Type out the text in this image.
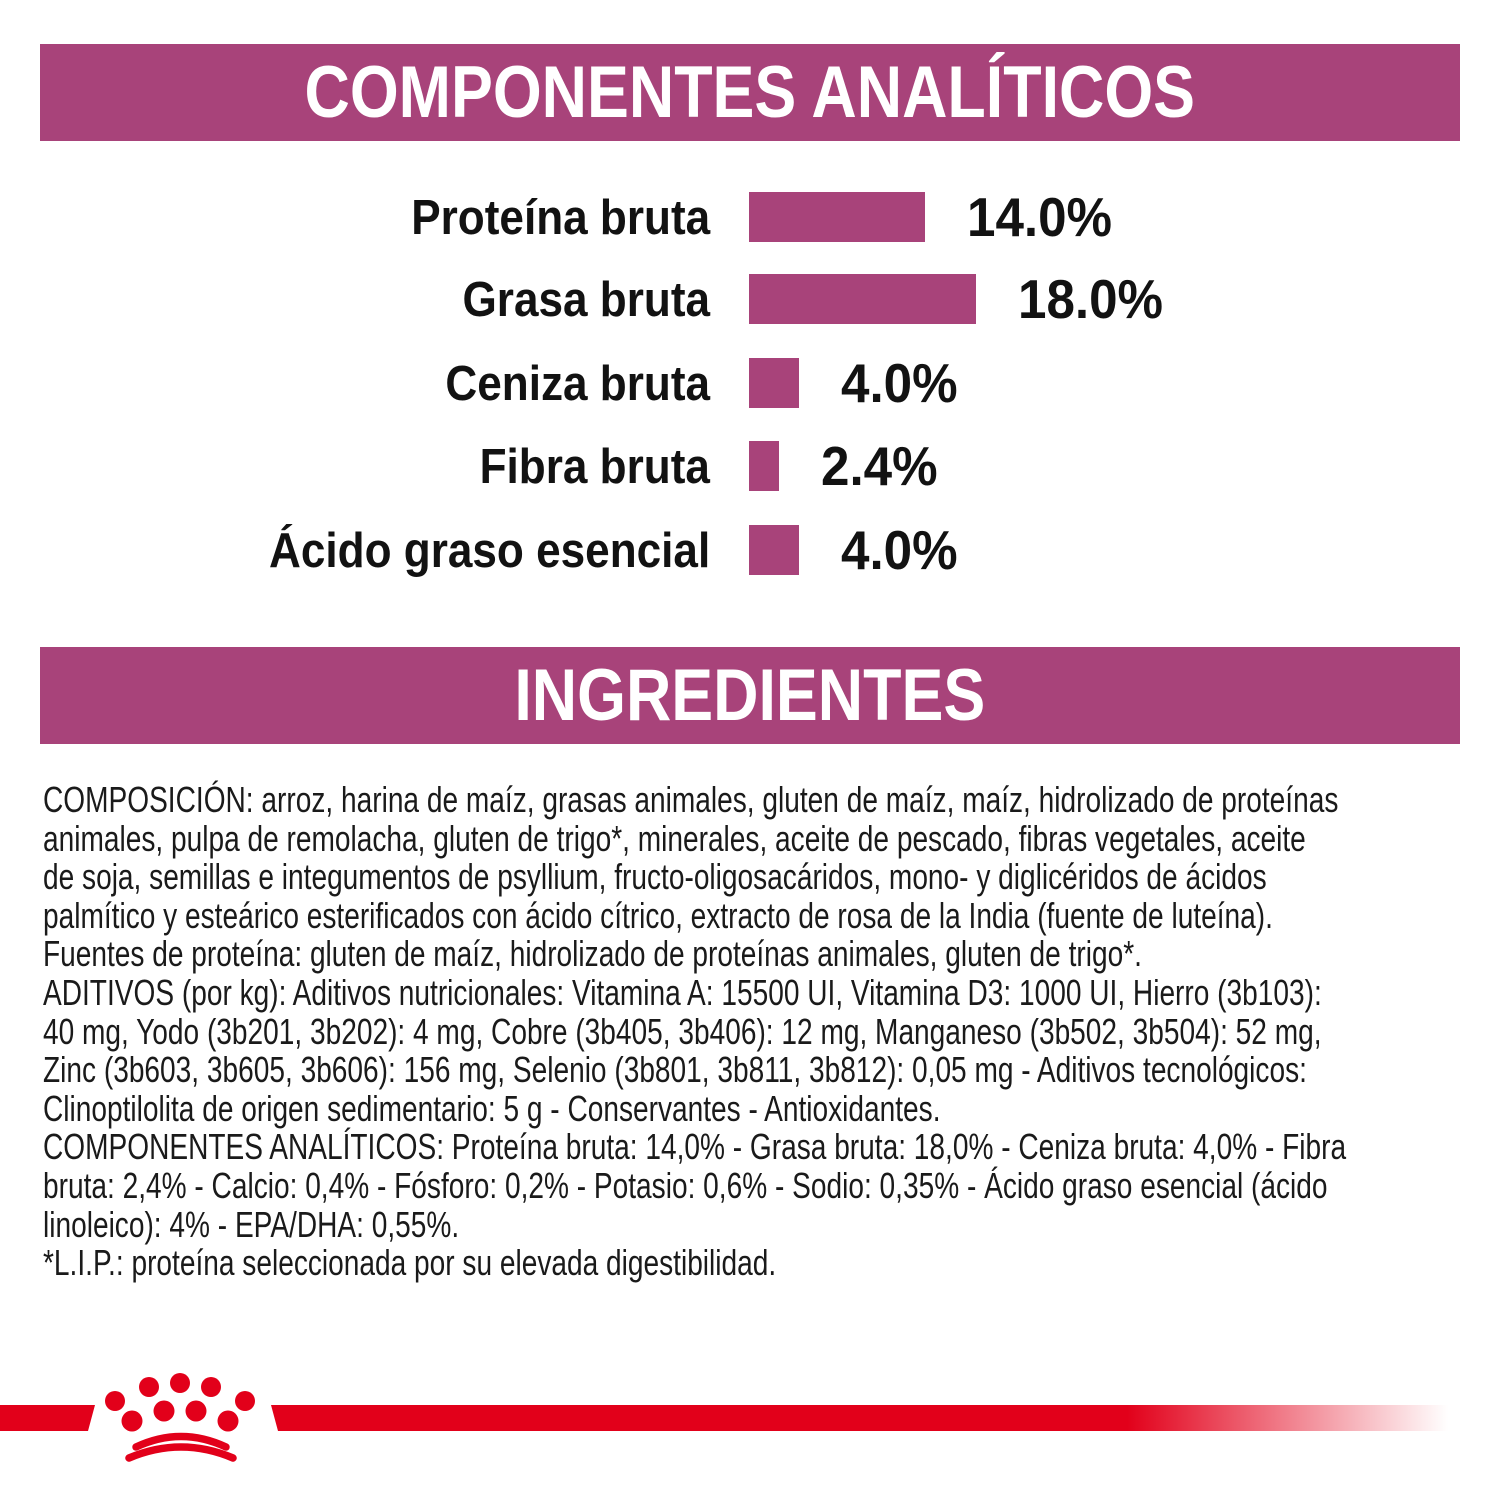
COMPONENTES ANALÍTICOS
Proteína bruta	14.0%
Grasa bruta	18.0%
Ceniza bruta 4.0%
Fibra bruta 2.4%
Ácido graso esencial 4.0%
INGREDIENTES
COMPOSICIÓN: arroz, harina de maíz, grasas animales, gluten de maíz, maíz, hidrolizado de proteínas
animales, pulpa de remolacha, gluten de trigo*, minerales, aceite de pescado, fibras vegetales, aceite
de soja, semillas e integumentos de psyllium, fructo-oligosacáridos, mono- y diglicéridos de ácidos
palmítico y esteárico esterificados con ácido cítrico, extracto de rosa de la India (fuente de luteína).
Fuentes de proteína: gluten de maíz, hidrolizado de proteínas animales, gluten de trigo*.
ADITIVOS (por kg): Aditivos nutricionales: Vitamina A: 15500 UI, Vitamina D3: 1000 UI, Hierro (3b103):
40 mg, Yodo (3b201, 3b202): 4 mg, Cobre (3b405, 3b406): 12 mg, Manganeso (3b502, 3b504): 52 mg,
Zinc (3b603, 3b605, 3b606): 156 mg, Selenio (3b801, 3b811, 3b812): 0,05 mg - Aditivos tecnológicos:
Clinoptilolita de origen sedimentario: 5 g - Conservantes - Antioxidantes.
COMPONENTES ANALÍTICOS: Proteína bruta: 14,0% - Grasa bruta: 18,0% - Ceniza bruta: 4,0% - Fibra
bruta: 2,4% - Calcio: 0,4% - Fósforo: 0,2% - Potasio: 0,6% - Sodio: 0,35% - Ácido graso esencial (ácido
linoleico): 4% - EPA/DHA: 0,55%.
*L.I.P.: proteína seleccionada por su elevada digestibilidad.
